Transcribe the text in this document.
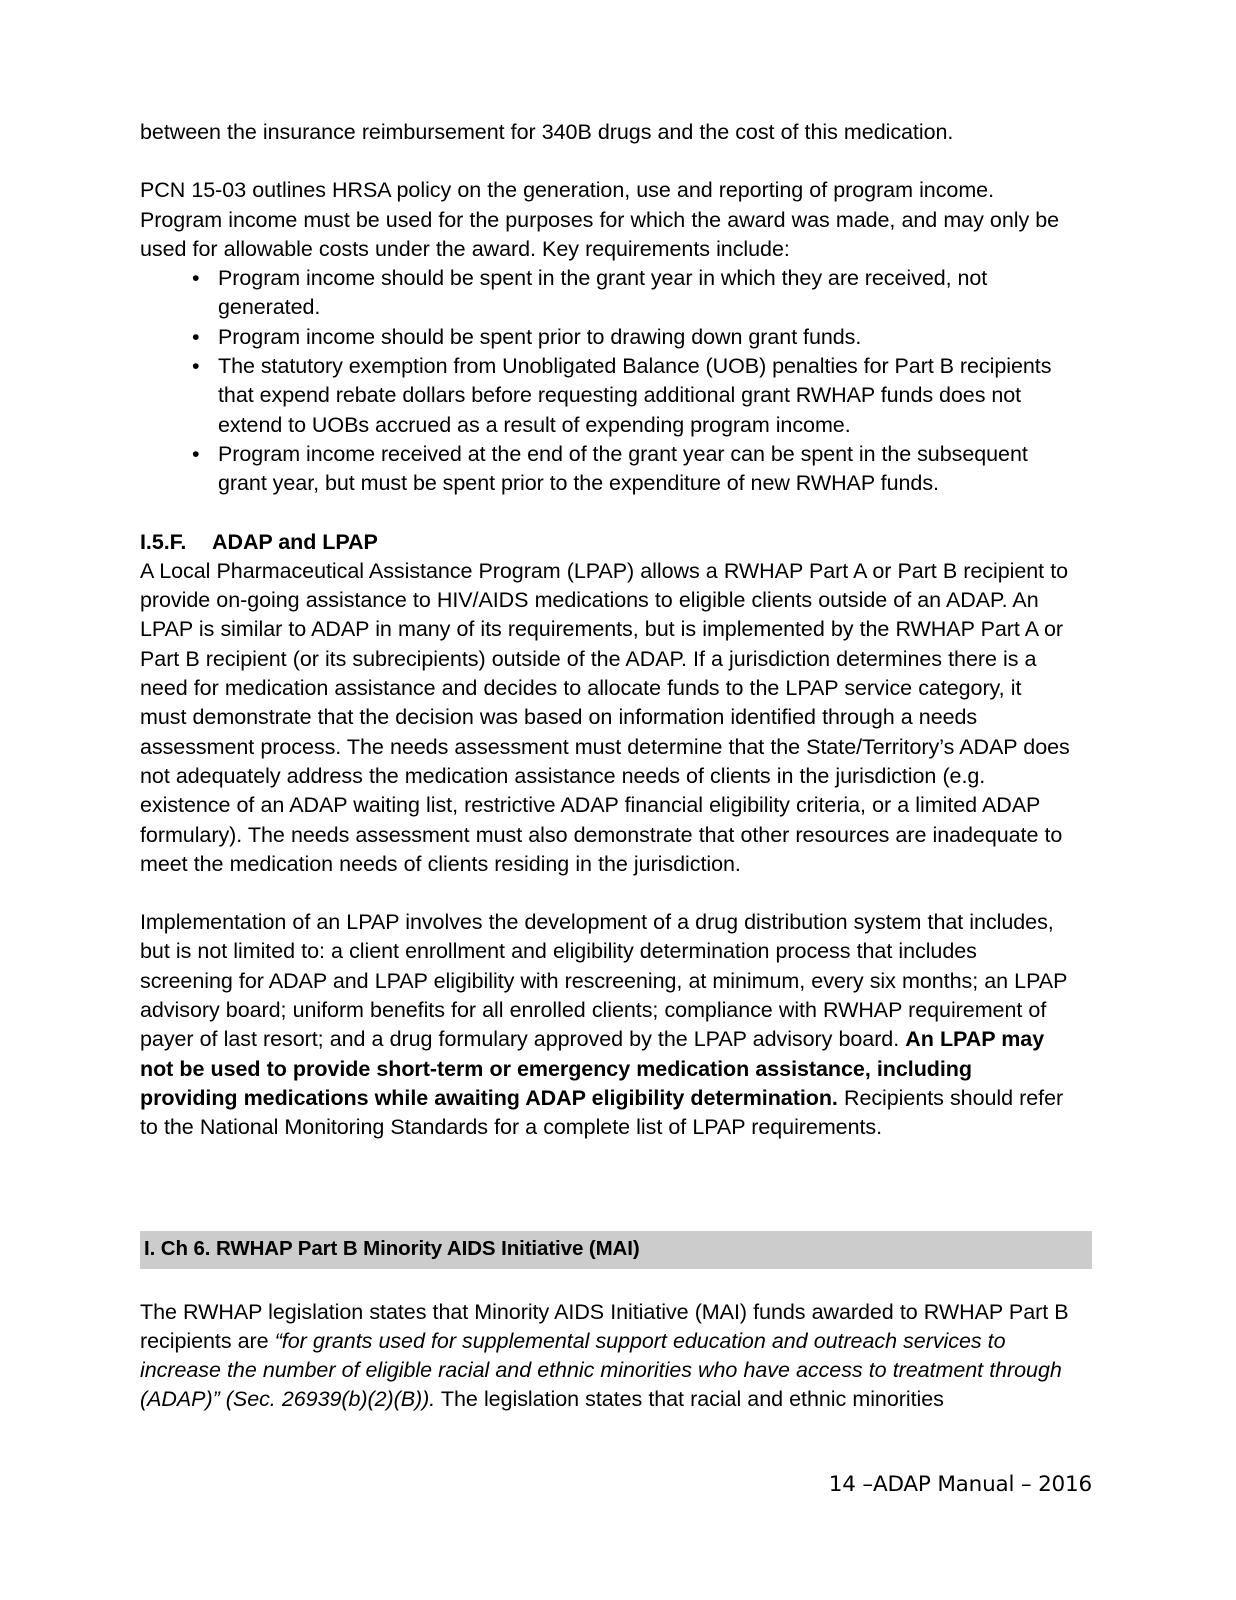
between the insurance reimbursement for 340B drugs and the cost of this medication.

PCN 15-03 outlines HRSA policy on the generation, use and reporting of program income. Program income must be used for the purposes for which the award was made, and may only be used for allowable costs under the award. Key requirements include:

• Program income should be spent in the grant year in which they are received, not generated.
• Program income should be spent prior to drawing down grant funds.
• The statutory exemption from Unobligated Balance (UOB) penalties for Part B recipients that expend rebate dollars before requesting additional grant RWHAP funds does not extend to UOBs accrued as a result of expending program income.
• Program income received at the end of the grant year can be spent in the subsequent grant year, but must be spent prior to the expenditure of new RWHAP funds.
I.5.F. ADAP and LPAP

A Local Pharmaceutical Assistance Program (LPAP) allows a RWHAP Part A or Part B recipient to provide on-going assistance to HIV/AIDS medications to eligible clients outside of an ADAP. An LPAP is similar to ADAP in many of its requirements, but is implemented by the RWHAP Part A or Part B recipient (or its subrecipients) outside of the ADAP. If a jurisdiction determines there is a need for medication assistance and decides to allocate funds to the LPAP service category, it must demonstrate that the decision was based on information identified through a needs assessment process. The needs assessment must determine that the State/Territory’s ADAP does not adequately address the medication assistance needs of clients in the jurisdiction (e.g. existence of an ADAP waiting list, restrictive ADAP financial eligibility criteria, or a limited ADAP formulary). The needs assessment must also demonstrate that other resources are inadequate to meet the medication needs of clients residing in the jurisdiction.

Implementation of an LPAP involves the development of a drug distribution system that includes, but is not limited to: a client enrollment and eligibility determination process that includes screening for ADAP and LPAP eligibility with rescreening, at minimum, every six months; an LPAP advisory board; uniform benefits for all enrolled clients; compliance with RWHAP requirement of payer of last resort; and a drug formulary approved by the LPAP advisory board. An LPAP may not be used to provide short-term or emergency medication assistance, including providing medications while awaiting ADAP eligibility determination. Recipients should refer to the National Monitoring Standards for a complete list of LPAP requirements.

I. Ch 6. RWHAP Part B Minority AIDS Initiative (MAI)

The RWHAP legislation states that Minority AIDS Initiative (MAI) funds awarded to RWHAP Part B recipients are “for grants used for supplemental support education and outreach services to increase the number of eligible racial and ethnic minorities who have access to treatment through (ADAP)” (Sec. 26939(b)(2)(B)). The legislation states that racial and ethnic minorities

14 –ADAP Manual – 2016
